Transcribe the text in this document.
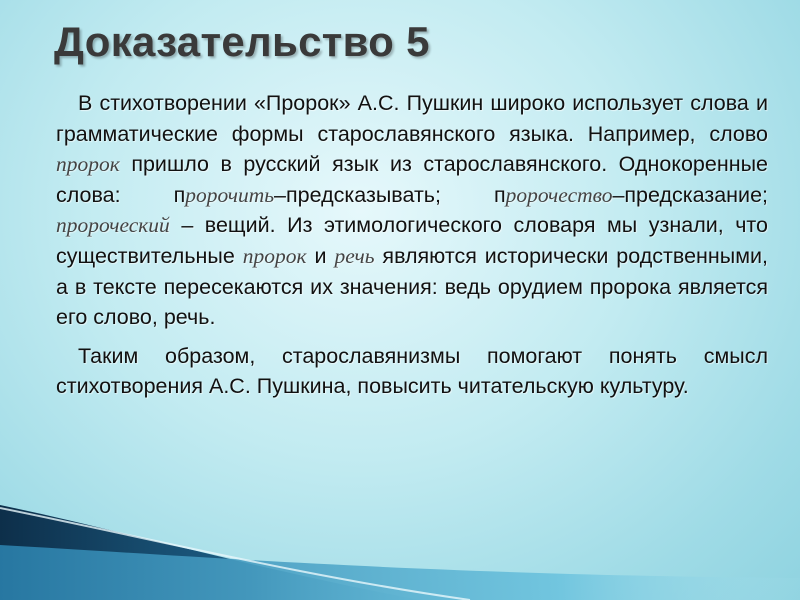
Доказательство 5

В стихотворении «Пророк» А.С. Пушкин широко использует слова и грамматические формы старославянского языка. Например, слово пророк пришло в русский язык из старославянского. Однокоренные слова: пророчить–предсказывать; пророчество–предсказание; пророческий – вещий. Из этимологического словаря мы узнали, что существительные пророк и речь являются исторически родственными, а в тексте пересекаются их значения: ведь орудием пророка является его слово, речь.

Таким образом, старославянизмы помогают понять смысл стихотворения А.С. Пушкина, повысить читательскую культуру.
